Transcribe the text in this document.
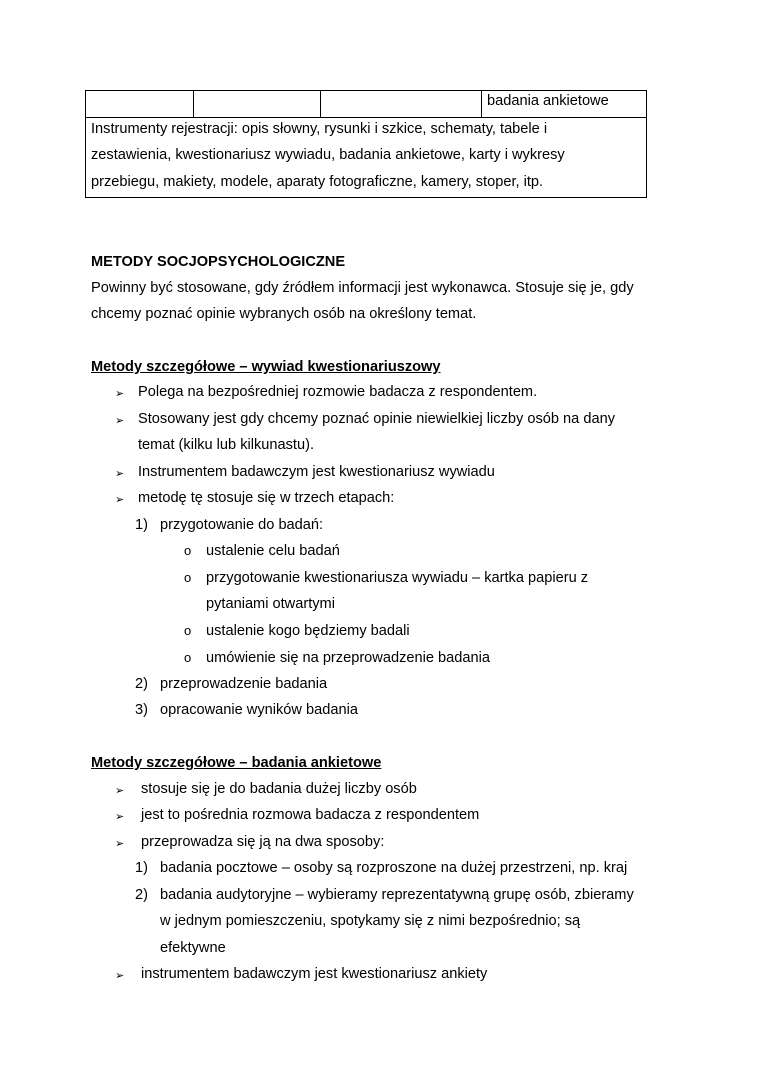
badania ankietowe
Instrumenty rejestracji: opis słowny, rysunki i szkice, schematy, tabele i
zestawienia, kwestionariusz wywiadu, badania ankietowe, karty i wykresy
przebiegu, makiety, modele, aparaty fotograficzne, kamery, stoper, itp.
METODY SOCJOPSYCHOLOGICZNE
Powinny być stosowane, gdy źródłem informacji jest wykonawca. Stosuje się je, gdy
chcemy poznać opinie wybranych osób na określony temat.
Metody szczegółowe – wywiad kwestionariuszowy
➢ Polega na bezpośredniej rozmowie badacza z respondentem.
➢ Stosowany jest gdy chcemy poznać opinie niewielkiej liczby osób na dany
temat (kilku lub kilkunastu).
➢ Instrumentem badawczym jest kwestionariusz wywiadu
➢ metodę tę stosuje się w trzech etapach:
1) przygotowanie do badań:
o ustalenie celu badań
o przygotowanie kwestionariusza wywiadu – kartka papieru z
pytaniami otwartymi
o ustalenie kogo będziemy badali
o umówienie się na przeprowadzenie badania
2) przeprowadzenie badania
3) opracowanie wyników badania
Metody szczegółowe – badania ankietowe
➢ stosuje się je do badania dużej liczby osób
➢ jest to pośrednia rozmowa badacza z respondentem
➢ przeprowadza się ją na dwa sposoby:
1) badania pocztowe – osoby są rozproszone na dużej przestrzeni, np. kraj
2) badania audytoryjne – wybieramy reprezentatywną grupę osób, zbieramy
w jednym pomieszczeniu, spotykamy się z nimi bezpośrednio; są
efektywne
➢ instrumentem badawczym jest kwestionariusz ankiety
